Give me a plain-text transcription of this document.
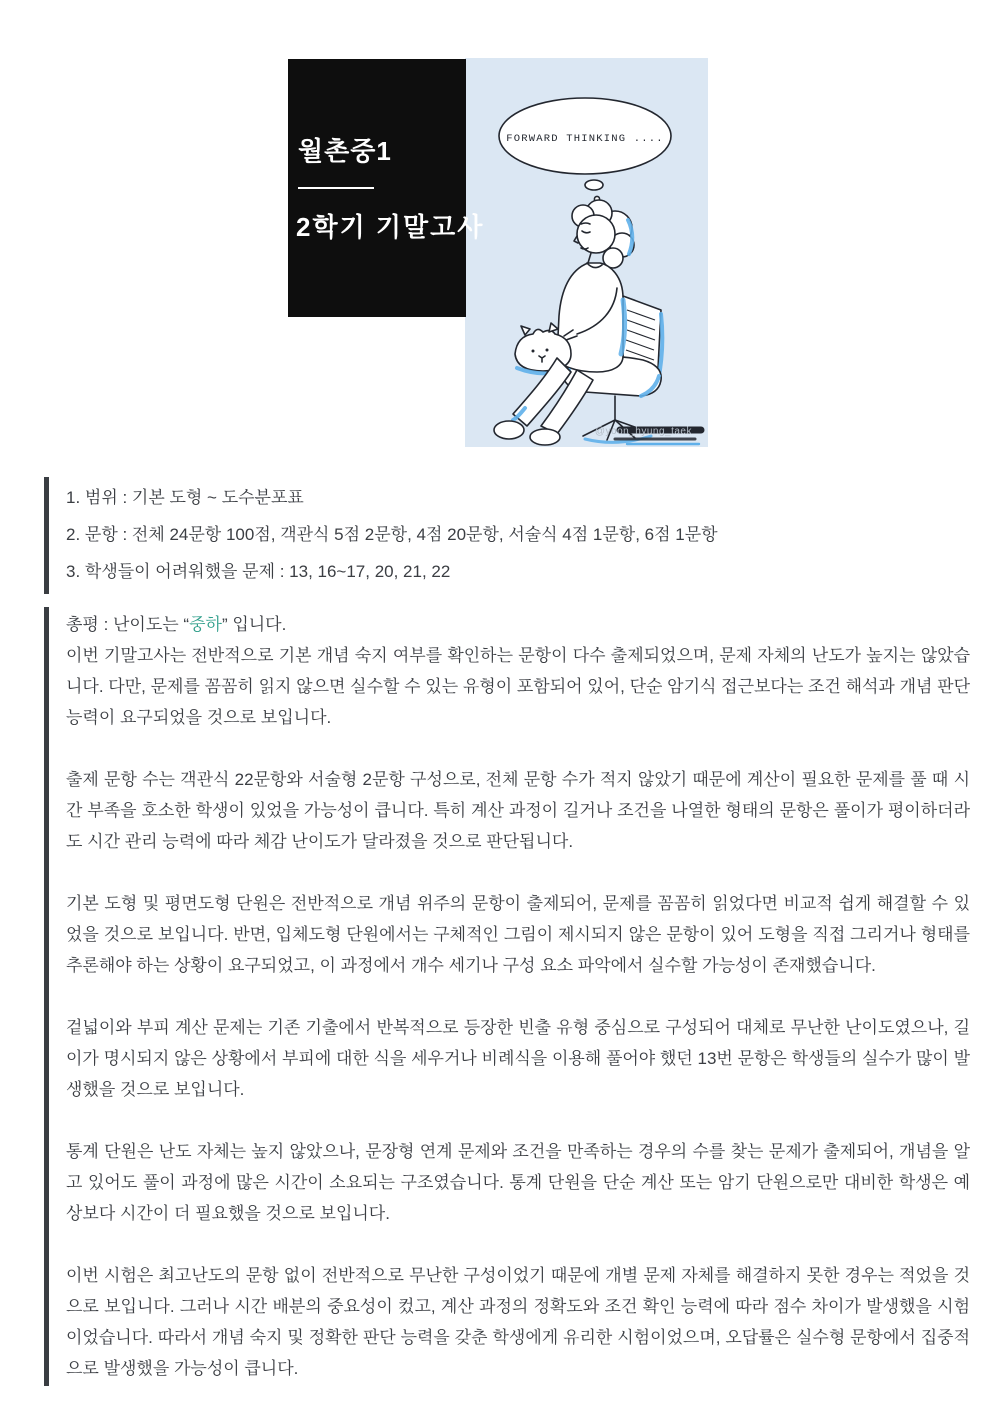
FORWARD THINKING ....
@yoon_hyung_taek
월촌중1
2학기 기말고사
1. 범위 : 기본 도형 ~ 도수분포표
2. 문항 : 전체 24문항 100점, 객관식 5점 2문항, 4점 20문항, 서술식 4점 1문항, 6점 1문항
3. 학생들이 어려워했을 문제 : 13, 16~17, 20, 21, 22
총평 : 난이도는 “중하” 입니다.

이번 기말고사는 전반적으로 기본 개념 숙지 여부를 확인하는 문항이 다수 출제되었으며, 문제 자체의 난도가 높지는 않았습니다. 다만, 문제를 꼼꼼히 읽지 않으면 실수할 수 있는 유형이 포함되어 있어, 단순 암기식 접근보다는 조건 해석과 개념 판단 능력이 요구되었을 것으로 보입니다.

출제 문항 수는 객관식 22문항와 서술형 2문항 구성으로, 전체 문항 수가 적지 않았기 때문에 계산이 필요한 문제를 풀 때 시간 부족을 호소한 학생이 있었을 가능성이 큽니다. 특히 계산 과정이 길거나 조건을 나열한 형태의 문항은 풀이가 평이하더라도 시간 관리 능력에 따라 체감 난이도가 달라졌을 것으로 판단됩니다.

기본 도형 및 평면도형 단원은 전반적으로 개념 위주의 문항이 출제되어, 문제를 꼼꼼히 읽었다면 비교적 쉽게 해결할 수 있었을 것으로 보입니다. 반면, 입체도형 단원에서는 구체적인 그림이 제시되지 않은 문항이 있어 도형을 직접 그리거나 형태를 추론해야 하는 상황이 요구되었고, 이 과정에서 개수 세기나 구성 요소 파악에서 실수할 가능성이 존재했습니다.

겉넓이와 부피 계산 문제는 기존 기출에서 반복적으로 등장한 빈출 유형 중심으로 구성되어 대체로 무난한 난이도였으나, 길이가 명시되지 않은 상황에서 부피에 대한 식을 세우거나 비례식을 이용해 풀어야 했던 13번 문항은 학생들의 실수가 많이 발생했을 것으로 보입니다.

통계 단원은 난도 자체는 높지 않았으나, 문장형 연계 문제와 조건을 만족하는 경우의 수를 찾는 문제가 출제되어, 개념을 알고 있어도 풀이 과정에 많은 시간이 소요되는 구조였습니다. 통계 단원을 단순 계산 또는 암기 단원으로만 대비한 학생은 예상보다 시간이 더 필요했을 것으로 보입니다.

이번 시험은 최고난도의 문항 없이 전반적으로 무난한 구성이었기 때문에 개별 문제 자체를 해결하지 못한 경우는 적었을 것으로 보입니다. 그러나 시간 배분의 중요성이 컸고, 계산 과정의 정확도와 조건 확인 능력에 따라 점수 차이가 발생했을 시험이었습니다. 따라서 개념 숙지 및 정확한 판단 능력을 갖춘 학생에게 유리한 시험이었으며, 오답률은 실수형 문항에서 집중적으로 발생했을 가능성이 큽니다.
